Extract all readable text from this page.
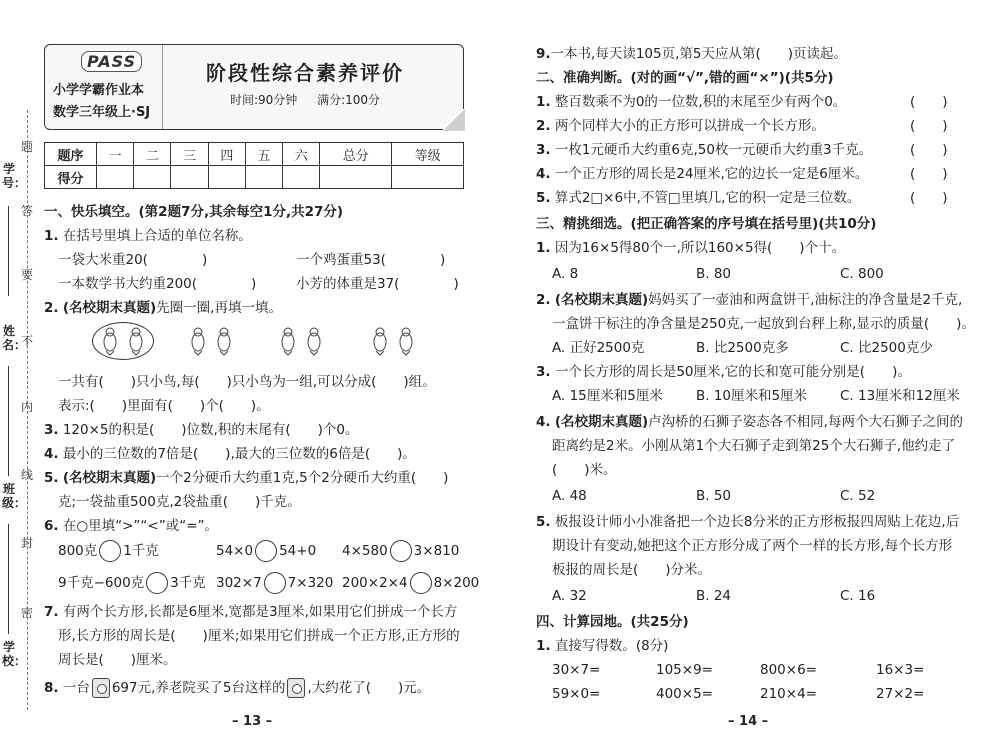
学号：
姓名：
班级：
学校：
题
答
要
不
内
线
封
密
PASS
小学学霸作业本
数学三年级上·SJ
阶段性综合素养评价
时间:90分钟 满分:100分
题序	一	二	三	四	五	六	总分	等级
得分								
一、快乐填空。(第2题7分,其余每空1分,共27分)
1. 在括号里填上合适的单位名称。
一袋大米重20(　　　　)	一个鸡蛋重53(　　　　)
一本数学书大约重200(　　　　)	小芳的体重是37(　　　　)
2. (名校期末真题)先圈一圈,再填一填。
一共有(　　)只小鸟,每(　　)只小鸟为一组,可以分成(　　)组。
表示:(　　)里面有(　　)个(　　)。
3. 120×5的积是(　　)位数,积的末尾有(　　)个0。
4. 最小的三位数的7倍是(　　),最大的三位数的6倍是(　　)。
5. (名校期末真题)一个2分硬币大约重1克,5个2分硬币大约重(　　)
克;一袋盐重500克,2袋盐重(　　)千克。
6. 在○里填“>”“<”或“=”。
800克 1千克	54×0 54+0 4×580 3×810
9千克−600克 3千克 302×7 7×320 200×2×4 8×200
7. 有两个长方形,长都是6厘米,宽都是3厘米,如果用它们拼成一个长方
形,长方形的周长是(　　)厘米;如果用它们拼成一个正方形,正方形的
周长是(　　)厘米。
8. 一台 697元,养老院买了5台这样的 ,大约花了(　　)元。
– 13 –
9.一本书,每天读105页,第5天应从第(　　)页读起。
二、准确判断。(对的画“√”,错的画“×”)(共5分)
1. 整百数乘不为0的一位数,积的末尾至少有两个0。	(　　)
2. 两个同样大小的正方形可以拼成一个长方形。	(　　)
3. 一枚1元硬币大约重6克,50枚一元硬币大约重3千克。	(　　)
4. 一个正方形的周长是24厘米,它的边长一定是6厘米。	(　　)
5. 算式2□×6中,不管□里填几,它的积一定是三位数。	(　　)
三、精挑细选。(把正确答案的序号填在括号里)(共10分)
1. 因为16×5得80个一,所以160×5得(　　)个十。
A. 8	B. 80	C. 800
2. (名校期末真题)妈妈买了一壶油和两盒饼干,油标注的净含量是2千克,
一盒饼干标注的净含量是250克,一起放到台秤上称,显示的质量(　　)。
A. 正好2500克	B. 比2500克多	C. 比2500克少
3. 一个长方形的周长是50厘米,它的长和宽可能分别是(　　)。
A. 15厘米和5厘米 B. 10厘米和5厘米 C. 13厘米和12厘米
4. (名校期末真题)卢沟桥的石狮子姿态各不相同,每两个大石狮子之间的
距离约是2米。小刚从第1个大石狮子走到第25个大石狮子,他约走了
(　　)米。
A. 48	B. 50	C. 52
5. 板报设计师小小准备把一个边长8分米的正方形板报四周贴上花边,后
期设计有变动,她把这个正方形分成了两个一样的长方形,每个长方形
板报的周长是(　　)分米。
A. 32	B. 24	C. 16
四、计算园地。(共25分)
1. 直接写得数。(8分)
30×7=	105×9=	800×6=	16×3=
59×0=	400×5=	210×4=	27×2=
– 14 –
